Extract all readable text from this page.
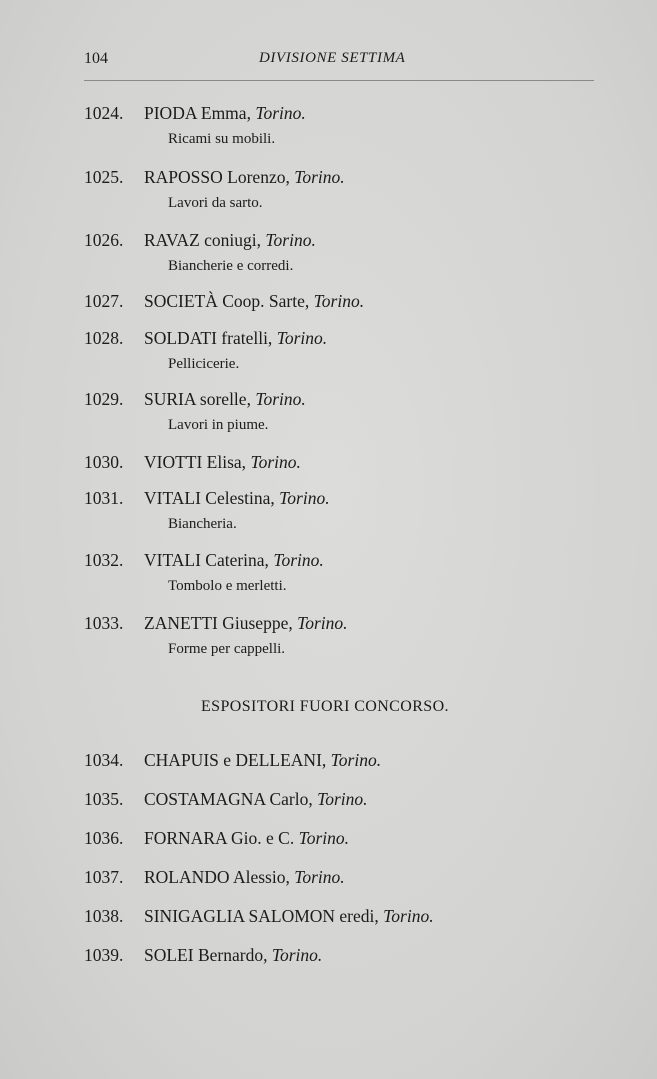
104	DIVISIONE SETTIMA
1024. PIODA Emma, Torino.
Ricami su mobili.
1025. RAPOSSO Lorenzo, Torino.
Lavori da sarto.
1026. RAVAZ coniugi, Torino.
Biancherie e corredi.
1027. SOCIETÀ Coop. Sarte, Torino.
1028. SOLDATI fratelli, Torino.
Pellicicerie.
1029. SURIA sorelle, Torino.
Lavori in piume.
1030. VIOTTI Elisa, Torino.
1031. VITALI Celestina, Torino.
Biancheria.
1032. VITALI Caterina, Torino.
Tombolo e merletti.
1033. ZANETTI Giuseppe, Torino.
Forme per cappelli.
ESPOSITORI FUORI CONCORSO.
1034. CHAPUIS e DELLEANI, Torino.
1035. COSTAMAGNA Carlo, Torino.
1036. FORNARA Gio. e C. Torino.
1037. ROLANDO Alessio, Torino.
1038. SINIGAGLIA SALOMON eredi, Torino.
1039. SOLEI Bernardo, Torino.
